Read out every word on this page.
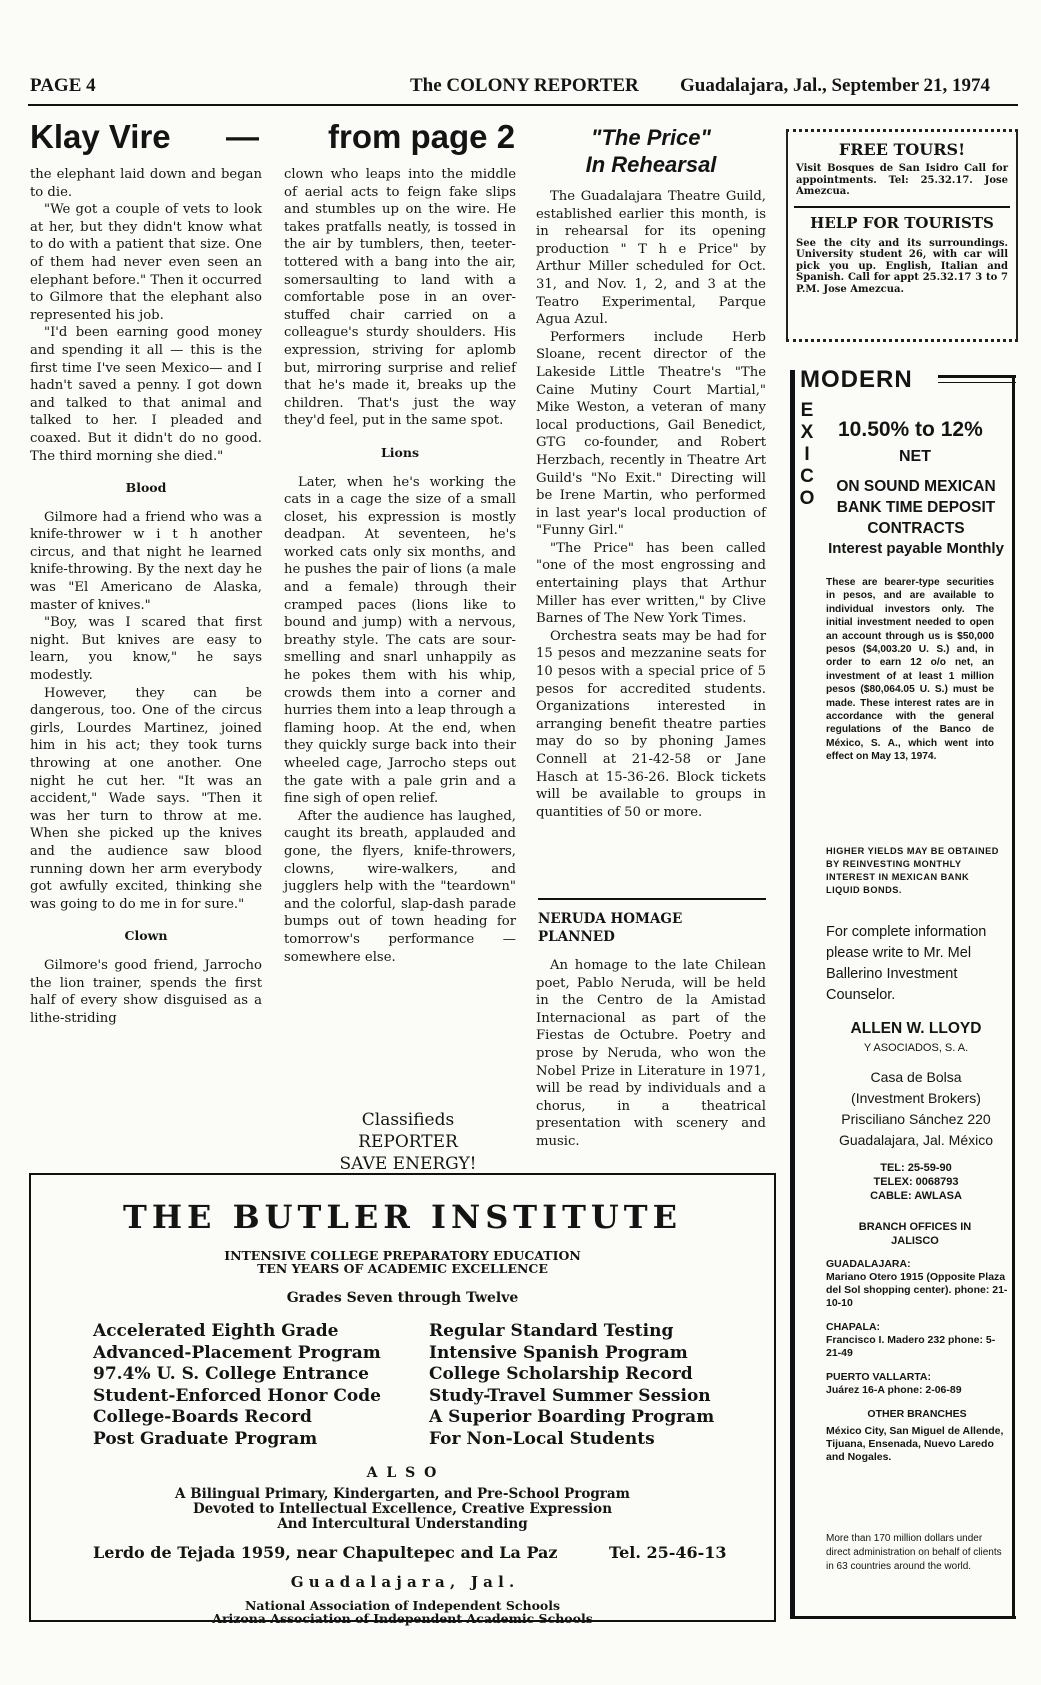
PAGE 4	The COLONY REPORTER Guadalajara, Jal., September 21, 1974
Klay Vire — from page 2

the elephant laid down and began to die.

"We got a couple of vets to look at her, but they didn't know what to do with a patient that size. One of them had never even seen an elephant before." Then it occurred to Gilmore that the elephant also represented his job.

"I'd been earning good money and spending it all — this is the first time I've seen Mexico— and I hadn't saved a penny. I got down and talked to that animal and talked to her. I pleaded and coaxed. But it didn't do no good. The third morning she died."

Blood

Gilmore had a friend who was a knife-thrower w i t h another circus, and that night he learned knife-throwing. By the next day he was "El Americano de Alaska, master of knives."

"Boy, was I scared that first night. But knives are easy to learn, you know," he says modestly.

However, they can be dangerous, too. One of the circus girls, Lourdes Martinez, joined him in his act; they took turns throwing at one another. One night he cut her. "It was an accident," Wade says. "Then it was her turn to throw at me. When she picked up the knives and the audience saw blood running down her arm everybody got awfully excited, thinking she was going to do me in for sure."

Clown

Gilmore's good friend, Jarrocho the lion trainer, spends the first half of every show disguised as a lithe-striding

clown who leaps into the middle of aerial acts to feign fake slips and stumbles up on the wire. He takes pratfalls neatly, is tossed in the air by tumblers, then, teeter-tottered with a bang into the air, somersaulting to land with a comfortable pose in an over-stuffed chair carried on a colleague's sturdy shoulders. His expression, striving for aplomb but, mirroring surprise and relief that he's made it, breaks up the children. That's just the way they'd feel, put in the same spot.

Lions

Later, when he's working the cats in a cage the size of a small closet, his expression is mostly deadpan. At seventeen, he's worked cats only six months, and he pushes the pair of lions (a male and a female) through their cramped paces (lions like to bound and jump) with a nervous, breathy style. The cats are sour-smelling and snarl unhappily as he pokes them with his whip, crowds them into a corner and hurries them into a leap through a flaming hoop. At the end, when they quickly surge back into their wheeled cage, Jarrocho steps out the gate with a pale grin and a fine sigh of open relief.

After the audience has laughed, caught its breath, applauded and gone, the flyers, knife-throwers, clowns, wire-walkers, and jugglers help with the "teardown" and the colorful, slap-dash parade bumps out of town heading for tomorrow's performance — somewhere else.

Classifieds
REPORTER
SAVE ENERGY!
"The Price"
In Rehearsal

The Guadalajara Theatre Guild, established earlier this month, is in rehearsal for its opening production " T h e Price" by Arthur Miller scheduled for Oct. 31, and Nov. 1, 2, and 3 at the Teatro Experimental, Parque Agua Azul.

Performers include Herb Sloane, recent director of the Lakeside Little Theatre's "The Caine Mutiny Court Martial," Mike Weston, a veteran of many local productions, Gail Benedict, GTG co-founder, and Robert Herzbach, recently in Theatre Art Guild's "No Exit." Directing will be Irene Martin, who performed in last year's local production of "Funny Girl."

"The Price" has been called "one of the most engrossing and entertaining plays that Arthur Miller has ever written," by Clive Barnes of The New York Times.

Orchestra seats may be had for 15 pesos and mezzanine seats for 10 pesos with a special price of 5 pesos for accredited students. Organizations interested in arranging benefit theatre parties may do so by phoning James Connell at 21-42-58 or Jane Hasch at 15-36-26. Block tickets will be available to groups in quantities of 50 or more.

NERUDA HOMAGE PLANNED

An homage to the late Chilean poet, Pablo Neruda, will be held in the Centro de la Amistad Internacional as part of the Fiestas de Octubre. Poetry and prose by Neruda, who won the Nobel Prize in Literature in 1971, will be read by individuals and a chorus, in a theatrical presentation with scenery and music.

FREE TOURS!
Visit Bosques de San Isidro Call for appointments. Tel: 25.32.17. Jose Amezcua.
HELP FOR TOURISTS
See the city and its surroundings. University student 26, with car will pick you up. English, Italian and Spanish. Call for appt 25.32.17 3 to 7 P.M. Jose Amezcua.
MODERN
E
X
I
C
O
10.50% to 12%
NET
ON SOUND MEXICAN BANK TIME DEPOSIT CONTRACTS
Interest payable Monthly
These are bearer-type securities in pesos, and are available to individual investors only. The initial investment needed to open an account through us is $50,000 pesos ($4,003.20 U. S.) and, in order to earn 12 o/o net, an investment of at least 1 million pesos ($80,064.05 U. S.) must be made. These interest rates are in accordance with the general regulations of the Banco de México, S. A., which went into effect on May 13, 1974.
HIGHER YIELDS MAY BE OBTAINED BY REINVESTING MONTHLY INTEREST IN MEXICAN BANK LIQUID BONDS.
For complete information please write to Mr. Mel Ballerino Investment Counselor.
ALLEN W. LLOYD
Y ASOCIADOS, S. A.
Casa de Bolsa
(Investment Brokers)
Prisciliano Sánchez 220
Guadalajara, Jal. México
TEL: 25-59-90
TELEX: 0068793
CABLE: AWLASA
BRANCH OFFICES IN JALISCO
GUADALAJARA:
Mariano Otero 1915 (Opposite Plaza del Sol shopping center). phone: 21-10-10
CHAPALA:
Francisco I. Madero 232 phone: 5-21-49
PUERTO VALLARTA:
Juárez 16-A phone: 2-06-89
OTHER BRANCHES
México City, San Miguel de Allende, Tijuana, Ensenada, Nuevo Laredo and Nogales.
More than 170 million dollars under direct administration on behalf of clients in 63 countries around the world.
THE BUTLER INSTITUTE
INTENSIVE COLLEGE PREPARATORY EDUCATION
TEN YEARS OF ACADEMIC EXCELLENCE
Grades Seven through Twelve
Accelerated Eighth Grade
Advanced-Placement Program
97.4% U. S. College Entrance
Student-Enforced Honor Code
College-Boards Record
Post Graduate Program
Regular Standard Testing
Intensive Spanish Program
College Scholarship Record
Study-Travel Summer Session
A Superior Boarding Program
For Non-Local Students
A L S O
A Bilingual Primary, Kindergarten, and Pre-School Program
Devoted to Intellectual Excellence, Creative Expression
And Intercultural Understanding
Lerdo de Tejada 1959, near Chapultepec and La Paz	Tel. 25-46-13
G u a d a l a j a r a ,   J a l .
National Association of Independent Schools
Arizona Association of Independent Academic Schools
